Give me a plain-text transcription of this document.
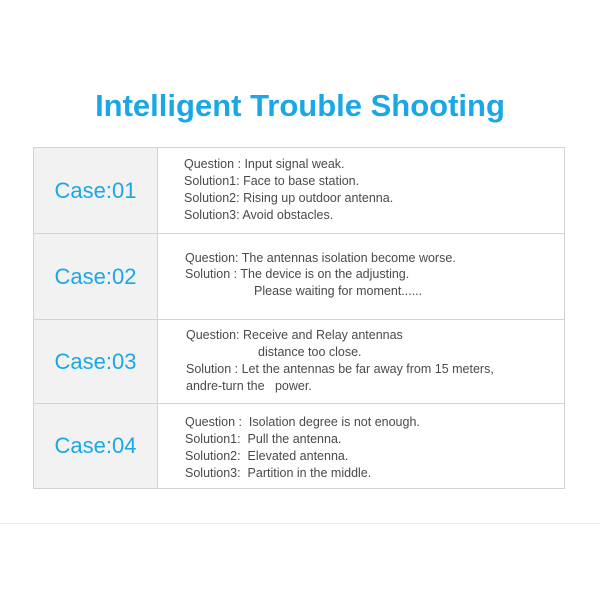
Intelligent Trouble Shooting
Case:01
Question : Input signal weak.
Solution1: Face to base station.
Solution2: Rising up outdoor antenna.
Solution3: Avoid obstacles.
Case:02
Question: The antennas isolation become worse.
Solution : The device is on the adjusting.
Please waiting for moment......
Case:03
Question: Receive and Relay antennas
distance too close.
Solution : Let the antennas be far away from 15 meters,
andre-turn the   power.
Case:04
Question :  Isolation degree is not enough.
Solution1:  Pull the antenna.
Solution2:  Elevated antenna.
Solution3:  Partition in the middle.
